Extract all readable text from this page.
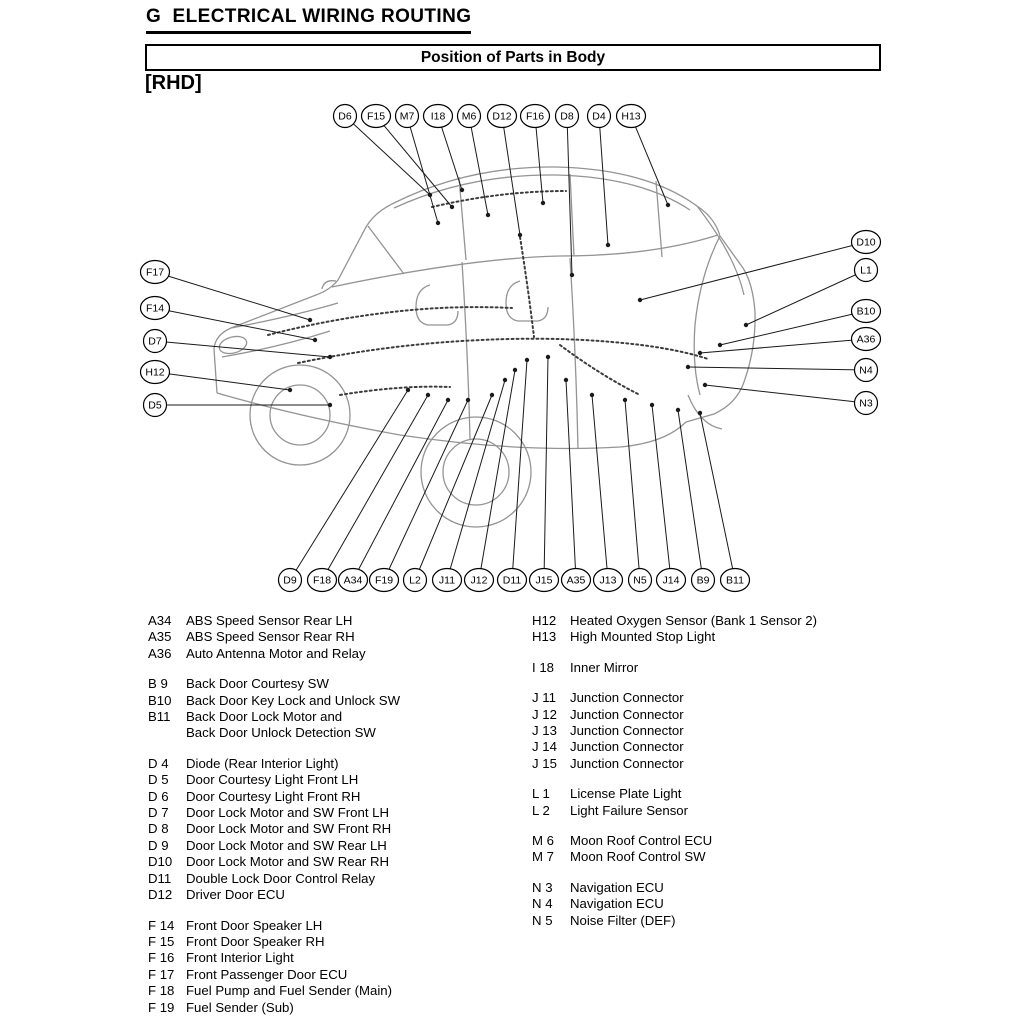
G  ELECTRICAL WIRING ROUTING
Position of Parts in Body
[RHD]
D6 F15 M7 I18 M6 D12 F16 D8 D4 H13
F17
F14
D7
H12
D5
D10
L1
B10
A36
N4
N3
D9 F18 A34 F19 L2 J11 J12 D11 J15 A35 J13 N5 J14 B9 B11
A34	ABS Speed Sensor Rear LH
A35	ABS Speed Sensor Rear RH
A36	Auto Antenna Motor and Relay
B 9	Back Door Courtesy SW
B10	Back Door Key Lock and Unlock SW
B11	Back Door Lock Motor and
Back Door Unlock Detection SW
D 4	Diode (Rear Interior Light)
D 5	Door Courtesy Light Front LH
D 6	Door Courtesy Light Front RH
D 7	Door Lock Motor and SW Front LH
D 8	Door Lock Motor and SW Front RH
D 9	Door Lock Motor and SW Rear LH
D10	Door Lock Motor and SW Rear RH
D11	Double Lock Door Control Relay
D12	Driver Door ECU
F 14 Front Door Speaker LH
F 15 Front Door Speaker RH
F 16 Front Interior Light
F 17 Front Passenger Door ECU
F 18 Fuel Pump and Fuel Sender (Main)
F 19 Fuel Sender (Sub)
H12	Heated Oxygen Sensor (Bank 1 Sensor 2)
H13	High Mounted Stop Light
I 18	Inner Mirror
J 11	Junction Connector
J 12 Junction Connector
J 13 Junction Connector
J 14 Junction Connector
J 15 Junction Connector
L 1	License Plate Light
L 2	Light Failure Sensor
M 6	Moon Roof Control ECU
M 7	Moon Roof Control SW
N 3	Navigation ECU
N 4	Navigation ECU
N 5	Noise Filter (DEF)
